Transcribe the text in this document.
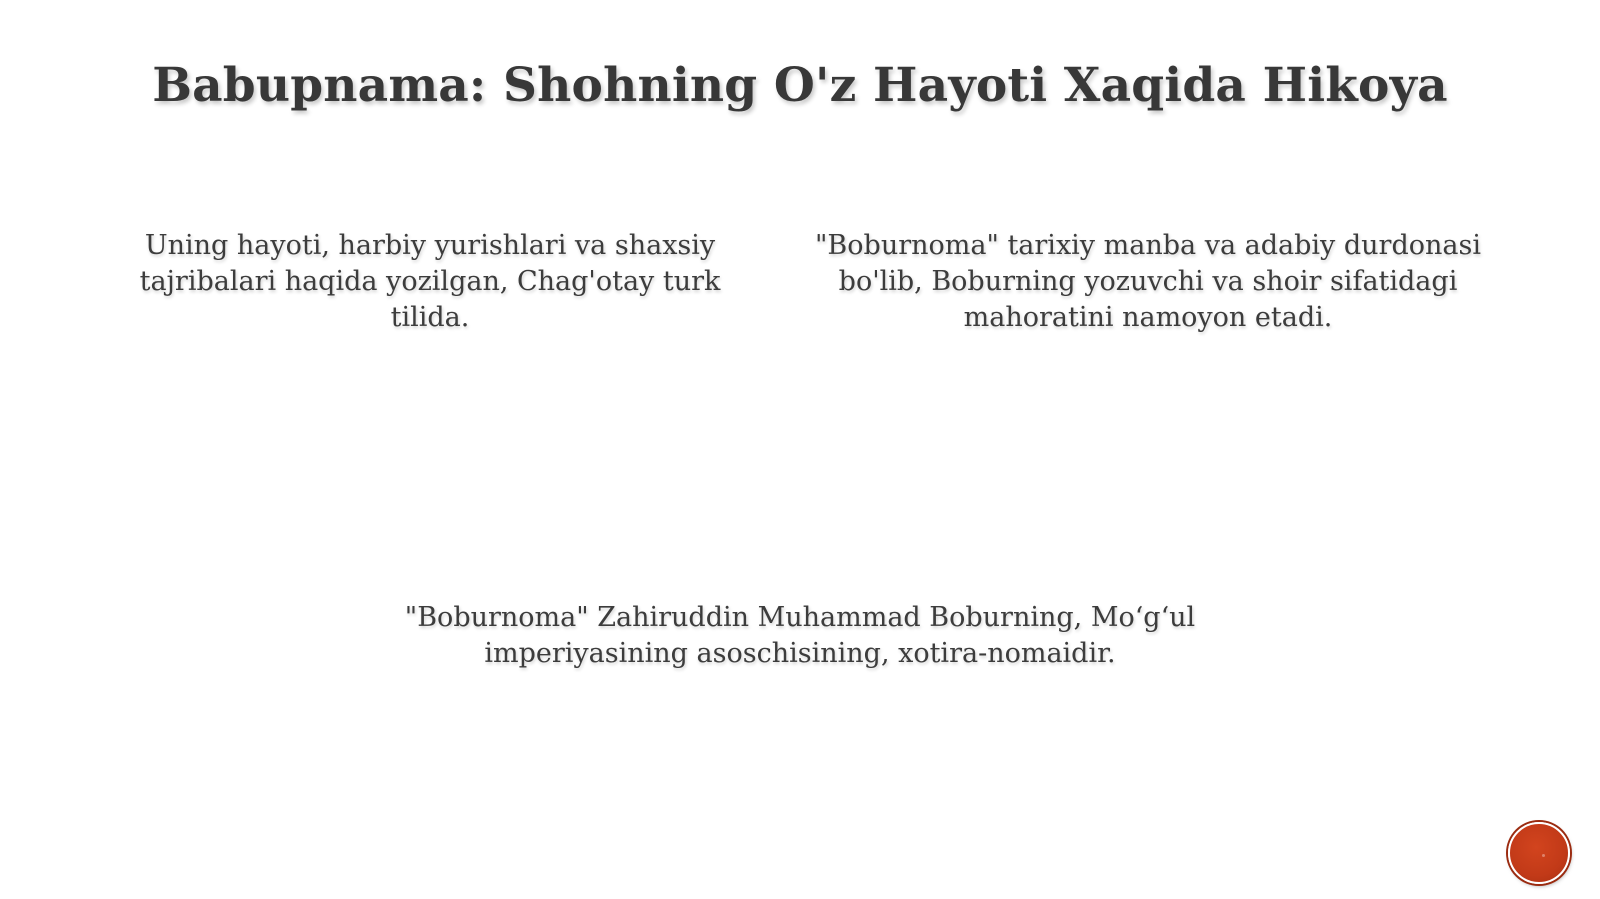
Babupnama: Shohning O'z Hayoti Xaqida Hikoya
Uning hayoti, harbiy yurishlari va shaxsiy tajribalari haqida yozilgan, Chag'otay turk tilida.
"Boburnoma" tarixiy manba va adabiy durdonasi bo'lib, Boburning yozuvchi va shoir sifatidagi mahoratini namoyon etadi.
"Boburnoma" Zahiruddin Muhammad Boburning, Mo‘g‘ul imperiyasining asoschisining, xotira-nomaidir.
